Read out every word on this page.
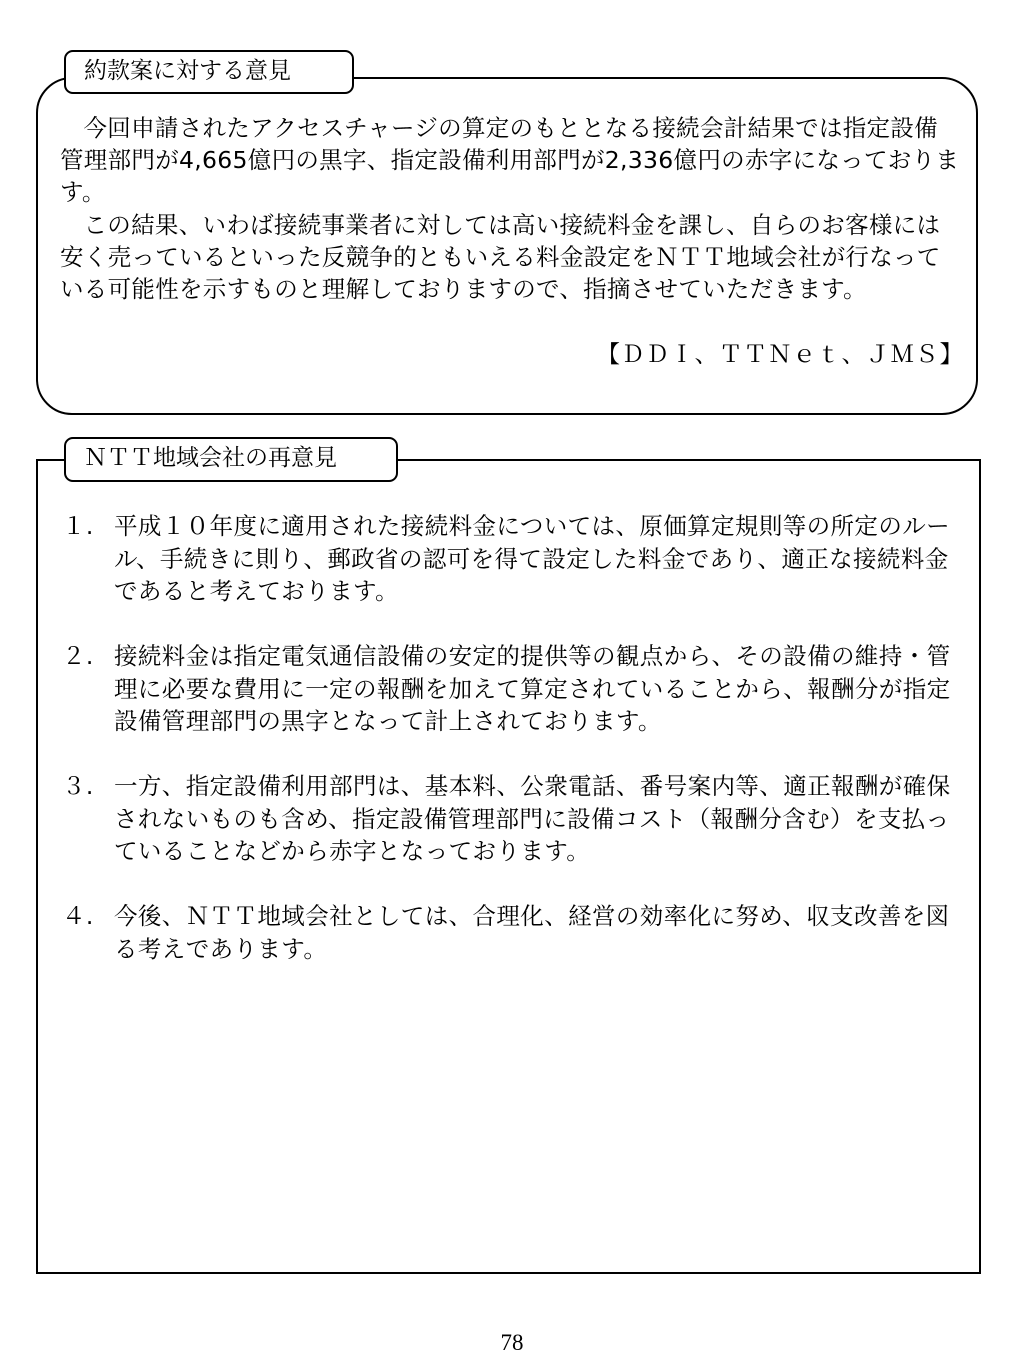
約款案に対する意見

今回申請されたアクセスチャージの算定のもととなる接続会計結果では指定設備管理部門が4,665億円の黒字、指定設備利用部門が2,336億円の赤字になっております。

この結果、いわば接続事業者に対しては高い接続料金を課し、自らのお客様には安く売っているといった反競争的ともいえる料金設定をＮＴＴ地域会社が行なっている可能性を示すものと理解しておりますので、指摘させていただきます。

【ＤＤＩ、ＴＴＮｅｔ、ＪＭＳ】
ＮＴＴ地域会社の再意見
１. 平成１０年度に適用された接続料金については、原価算定規則等の所定のルール、手続きに則り、郵政省の認可を得て設定した料金であり、適正な接続料金であると考えております。
２. 接続料金は指定電気通信設備の安定的提供等の観点から、その設備の維持・管理に必要な費用に一定の報酬を加えて算定されていることから、報酬分が指定設備管理部門の黒字となって計上されております。
３. 一方、指定設備利用部門は、基本料、公衆電話、番号案内等、適正報酬が確保されないものも含め、指定設備管理部門に設備コスト（報酬分含む）を支払っていることなどから赤字となっております。
４. 今後、ＮＴＴ地域会社としては、合理化、経営の効率化に努め、収支改善を図る考えであります。
78
